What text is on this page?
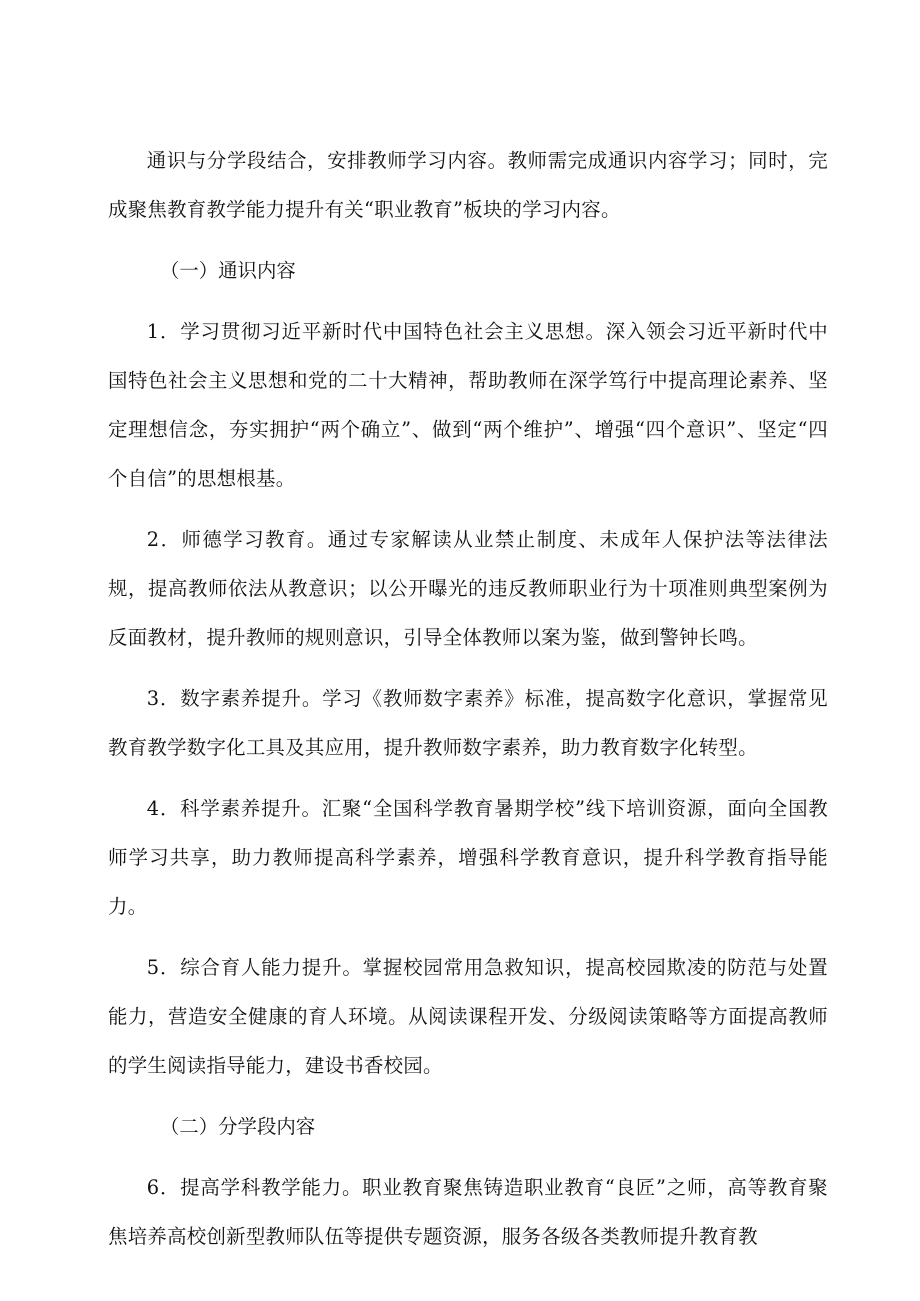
通识与分学段结合，安排教师学习内容。教师需完成通识内容学习；同时，完成聚焦教育教学能力提升有关“职业教育”板块的学习内容。

（一）通识内容

1．学习贯彻习近平新时代中国特色社会主义思想。深入领会习近平新时代中国特色社会主义思想和党的二十大精神，帮助教师在深学笃行中提高理论素养、坚定理想信念，夯实拥护“两个确立”、做到“两个维护”、增强“四个意识”、坚定“四个自信”的思想根基。

2．师德学习教育。通过专家解读从业禁止制度、未成年人保护法等法律法规，提高教师依法从教意识；以公开曝光的违反教师职业行为十项准则典型案例为反面教材，提升教师的规则意识，引导全体教师以案为鉴，做到警钟长鸣。

3．数字素养提升。学习《教师数字素养》标准，提高数字化意识，掌握常见教育教学数字化工具及其应用，提升教师数字素养，助力教育数字化转型。

4．科学素养提升。汇聚“全国科学教育暑期学校”线下培训资源，面向全国教师学习共享，助力教师提高科学素养，增强科学教育意识，提升科学教育指导能力。

5．综合育人能力提升。掌握校园常用急救知识，提高校园欺凌的防范与处置能力，营造安全健康的育人环境。从阅读课程开发、分级阅读策略等方面提高教师的学生阅读指导能力，建设书香校园。

（二）分学段内容

6．提高学科教学能力。职业教育聚焦铸造职业教育“良匠”之师，高等教育聚焦培养高校创新型教师队伍等提供专题资源，服务各级各类教师提升教育教
